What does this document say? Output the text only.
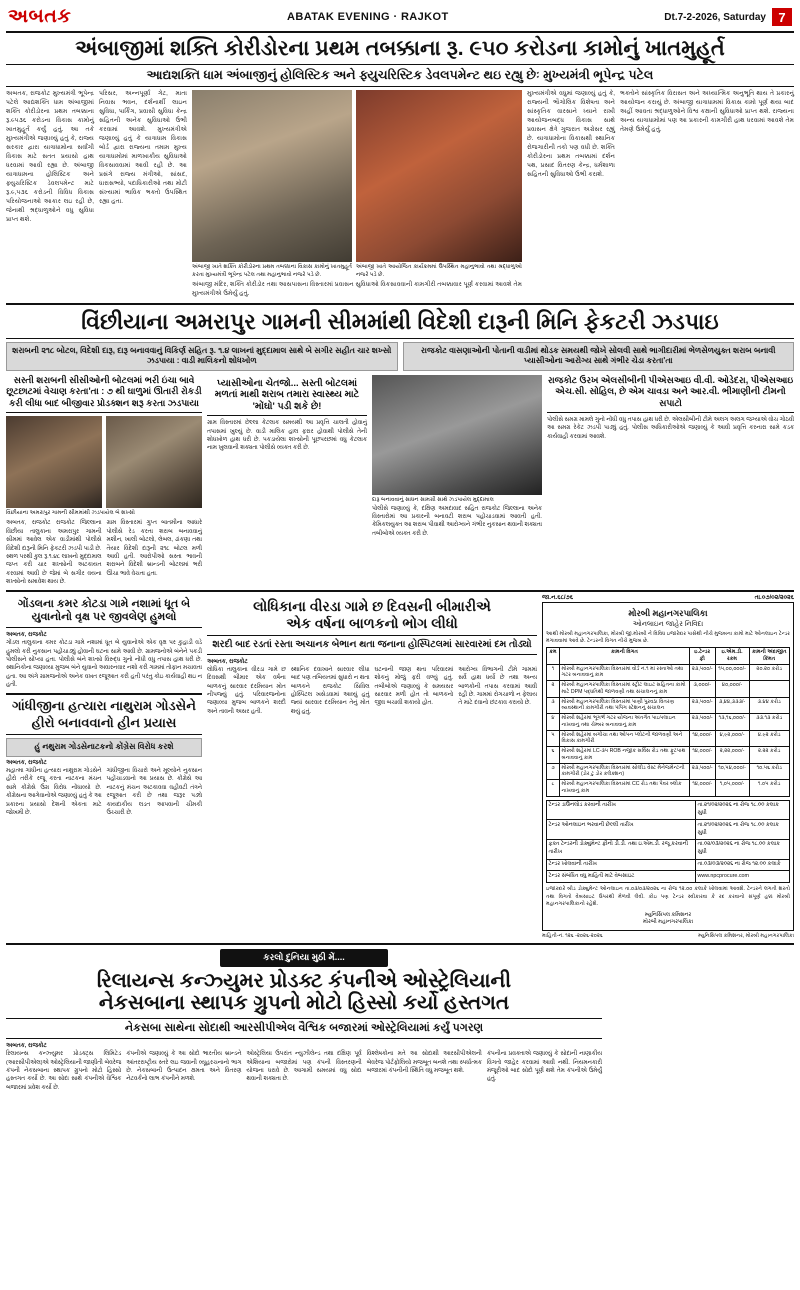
અબતક	ABATAK EVENING · RAJKOT	Dt.7-2-2026, Saturday 7
અંબાજીમાં શક્તિ કોરીડોરના પ્રથમ તબક્કાના રૂ. ૯૫૦ કરોડના કામોનું ખાતમુહૂર્ત
આદ્યશક્તિ ધામ અંબાજીનું હોલિસ્ટિક અને ફ્યુચરિસ્ટિક ડેવલપમેન્ટ થઇ રહ્યુ છેઃ મુખ્યમંત્રી ભૂપેન્દ્ર પટેલ
અબતક, રાજકોટ મુખ્યમંત્રી ભૂપેન્દ્ર પટેલે આદ્યશક્તિ ધામ અંબાજીમાં શક્તિ કોરીડોરના પ્રથમ તબક્કાના રૂ.૯૫૩૬ કરોડના વિકાસ કામોનું ખાતમુહૂર્ત કર્યું હતું. આ તકે મુખ્યમંત્રીએ જણાવ્યું હતું કે, રાજ્ય સરકાર દ્વારા યાત્રાધામોના સર્વાંગી વિકાસ માટે સતત પ્રયાસો હાથ ધરવામાં આવી રહ્યા છે. અંબાજી યાત્રાધામના હોલિસ્ટિક અને ફ્યુચરિસ્ટિક ડેવલપમેન્ટ માટે રૂ.૯,૫૩૬ કરોડની વિવિધ વિકાસ પરિયોજનાઓ આકાર લઇ રહી છે, જેનાથી શ્રદ્ધાળુઓને વધુ સુવિધા પ્રાપ્ત થશે.
પરિસર, અન્નપૂર્ણા ગેટ, માતા નિવાસ ભવન, દર્શનાર્થી લાઇન સુવિધા, પાર્કિંગ, પ્રવાસી સુવિધા કેન્દ્ર સહિતની અનેક સુવિધાઓ ઉભી કરવામાં આવશે. મુખ્યમંત્રીએ જણાવ્યું હતું કે યાત્રાધામ વિકાસ બોર્ડ દ્વારા રાજ્યના તમામ મુખ્ય યાત્રાધામોમાં માળખાકીય સુવિધાઓ વિકસાવવામાં આવી રહી છે. આ પ્રસંગે રાજ્ય મંત્રીઓ, સાંસદ, ધારાસભ્યો, પદાધિકારીઓ તથા મોટી સંખ્યામાં ભાવિક ભક્તો ઉપસ્થિત રહ્યા હતા.
અંબાજી ખાતે શક્તિ કોરીડોરના પ્રથમ તબક્કાના વિકાસ કામોનું ખાતમુહૂર્ત કરતા મુખ્યમંત્રી ભૂપેન્દ્ર પટેલ તથા મહાનુભાવો નજરે પડે છે.
અંબાજી ખાતે આયોજિત કાર્યક્રમમાં ઉપસ્થિત મહાનુભાવો તથા શ્રદ્ધાળુઓ નજરે પડે છે.
અંબાજી મંદિર, શક્તિ કોરીડોર તથા આસપાસના વિસ્તારમાં પ્રવાસન સુવિધાઓ વિકસાવવાની કામગીરી તબક્કાવાર પૂર્ણ કરવામાં આવશે તેમ મુખ્યમંત્રીએ ઉમેર્યું હતું.
મુખ્યમંત્રીએ વધુમાં જણાવ્યું હતું કે, રાજ્યની ભૌગોલિક વિશેષતા અને સાંસ્કૃતિક વારસાને ધ્યાને રાખી આયોજનબદ્ધ વિકાસ સાથે પ્રવાસન ક્ષેત્રે ગુજરાત અગ્રેસર રહ્યું છે. યાત્રાધામોના વિકાસથી સ્થાનિક રોજગારીની તકો પણ વધી છે. શક્તિ કોરીડોરના પ્રથમ તબક્કામાં દર્શન પથ, પ્રસાદ વિતરણ કેન્દ્ર, ધર્મશાળા સહિતની સુવિધાઓ ઉભી કરાશે.
ભક્તોને સાંસ્કૃતિક વિરાસત અને અધ્યાત્મિક અનુભૂતિ થાય તે પ્રકારનું આયોજન કરાયું છે. અંબાજી યાત્રાધામમાં વિકાસ કામો પૂર્ણ થયા બાદ અહીં આવતા શ્રદ્ધાળુઓને વિશ્વ કક્ષાની સુવિધાઓ પ્રાપ્ત થશે. રાજ્યના અન્ય યાત્રાધામોમાં પણ આ પ્રકારની કામગીરી હાથ ધરવામાં આવશે તેમ તેમણે ઉમેર્યું હતું.
વિંછીયાના અમરાપુર ગામની સીમમાંથી વિદેશી દારૂની મિનિ ફેકટરી ઝડપાઇ
શરાબની ૨૧૮ બોટલ, વિદેશી દારૂ, દારૂ બનાવવાનું વિકિર્ણ સહિત રૂ. ૧.૪ લાખનાં મુદ્દામાલ સાથે બે સગીર સહીત ચાર શખ્સો ઝડપાયા : વાડી માલિકનો શોધખોળ
રાજકોટ વાસણાઓની પોતાની વાડીમાં થોડક સમયથી જોખે સોલવી સાથે ભાગીદારીમાં ભેળસેળયુક્ત શરાબ બનાવી પ્યાસીઓના આરોગ્ય સાથે ગંભીર ચેડા કરતા'તા
સસ્તી શરાબની સીસીઓની બોટલમાં ભરી ઇંચા બાવે છૂટછાટમાં વેચાણ કરતા'તા : ૭ થી ઘાળુમાં ઊતારી રોકડી કરી લીધા બાદ બીજીવાર પ્રોડક્શન શરૂ કરતા ઝડપાયા
વિંછીયાના અમરાપુર ગામની સીમમાંથી ઝડપાયેલ બે શખ્સો
અબતક, રાજકોટ રાજકોટ જિલ્લાના વિંછીયા તાલુકાના અમરાપુર ગામની સીમમાં આવેલ એક વાડીમાંથી પોલીસે વિદેશી દારૂની મિનિ ફેકટરી ઝડપી પાડી છે. સ્થળ પરથી કુલ રૂ.૧.૪૮ લાખનો મુદ્દામાલ જપ્ત કરી ચાર શખ્સોની અટકાયત કરવામાં આવી છે જેમાં બે સગીર વયના શખ્સોનો સમાવેશ થાય છે.
ગ્રામ વિસ્તારમાં ગુપ્ત બાતમીના આધારે પોલીસે રેડ કરતા શરાબ બનાવવાનું મશીન, ખાલી બોટલો, લેબલ, ઢાંકણા તથા તૈયાર વિદેશી દારૂની ૨૧૮ બોટલ મળી આવી હતી. આરોપીઓ સસ્તા ભાવની શરાબને વિદેશી બ્રાન્ડની બોટલમાં ભરી ઊંચા ભાવે વેચતા હતા.
પ્યાસીઓના ચેતજો... સસ્તી બોટલમાં મળતાં માથી શરાબ તમારા સ્વાસ્થ્ય માટે 'મોંઘો' પડી શકે છે!
ગ્રામ વિસ્તારમાં છેલ્લા કેટલાક સમયથી આ પ્રવૃત્તિ ચાલતી હોવાનું તપાસમાં ખુલ્યું છે. વાડી માલિક હાલ ફરાર હોવાથી પોલીસે તેની શોધખોળ હાથ ધરી છે. પકડાયેલા શખ્સોની પૂછપરછમાં વધુ કેટલાક નામ ખુલવાની શક્યતા પોલીસે વ્યક્ત કરી છે.
દારૂ બનાવવાનું સાધન સામગ્રી સાથે ઝડપાયેલ મુદ્દામાલ
પોલીસે જણાવ્યું કે, દક્ષિણ અમદાવાદ સહિત રાજકોટ જિલ્લાના અનેક વિસ્તારોમાં આ પ્રકારની બનાવટી શરાબ પહોંચાડવામાં આવતી હતી. કેમિકલયુક્ત આ શરાબ પીવાથી આરોગ્યને ગંભીર નુકસાન થવાની શક્યતા તબીબોએ વ્યક્ત કરી છે.
રાજકોટ ઉરખ એલસીબીની પીએસઆઇ વી.વી. ઓડેદરા, પીએસઆઇ એચ.સી. સોહિલ, છે એમ ચાવડા અને આર.વી. ભીમાણીની ટીમનો સપાટો
પોલીસે સમગ્ર મામલે ગુનો નોંધી વધુ તપાસ હાથ ધરી છે. એલસીબીની ટીમે અલગ અલગ જગ્યાએ વોચ ગોઠવી આ સમગ્ર રેકેટ ઝડપી પાડ્યું હતું. પોલીસ અધિકારીઓએ જણાવ્યું કે આવી પ્રવૃત્તિ કરનારા સામે કડક કાર્યવાહી કરવામાં આવશે.
ગોંડલના કમર કોટડા ગામે નશામાં ધૂત બે યુવાનોનો વૃક્ષ પર જીવલેણ હુમલો
અબતક, રાજકોટ
ગોંડલ તાલુકાના કમર કોટડા ગામે નશામાં ધૂત બે યુવાનોએ એક વૃક્ષ પર કુહાડી વડે હુમલો કરી નુકસાન પહોંચાડ્યું હોવાની ઘટના સામે આવી છે. ગ્રામજનોએ બંનેને પકડી પોલીસને સોંપ્યા હતા. પોલીસે બંને શખ્સો વિરુદ્ધ ગુનો નોંધી વધુ તપાસ હાથ ધરી છે. સ્થાનિકોના જણાવ્યા મુજબ બંને યુવાનો અવારનવાર નશો કરી ગામમાં તોફાન મચાવતા હતા. આ અંગે ગ્રામજનોએ અનેક વખત રજૂઆત કરી હતી પરંતુ કોઇ કાર્યવાહી થઇ ન હતી.
ગાંધીજીના હત્યારા નાથુરામ ગોડસેને
હીરો બનાવવાનો હીન પ્રયાસ
હું નથુરામ ગોડસેનાટકનો કોંગ્રેસ વિરોધ કરશે
અબતક, રાજકોટ
મહાત્મા ગાંધીના હત્યારા નાથુરામ ગોડસેને હીરો તરીકે રજૂ કરતા નાટકના મંચન સામે કોંગ્રેસે ઉગ્ર વિરોધ નોંધાવ્યો છે. કોંગ્રેસના આગેવાનોએ જણાવ્યું હતું કે આ પ્રકારના પ્રયાસો દેશની એકતા માટે જોખમી છે.
ગાંધીજીના વિચારો અને મૂલ્યોને નુકસાન પહોંચાડવાનો આ પ્રયાસ છે. કોંગ્રેસે આ નાટકનું મંચન અટકાવવા વહીવટી તંત્રને રજૂઆત કરી છે તથા જરૂર પડ્યે કાયદાકીય લડત આપવાની ચીમકી ઉચ્ચારી છે.
લોધિકાના વીરડા ગામે છ દિવસની બીમારીએ
એક વર્ષના બાળકનો ભોગ લીધો
શરદી બાદ રડતાં રસ્તા અચાનક બેભાન થતા જનાના હોસ્પિટલમાં સારવારમાં દમ તોડ્યો
અબતક, રાજકોટ
લોધિકા તાલુકાના વીરડા ગામે છ દિવસથી બીમાર એક વર્ષના બાળકનું સારવાર દરમિયાન મોત નીપજ્યું હતું. પરિવારજનોના જણાવ્યા મુજબ બાળકને શરદી અને તાવની અસર હતી.
સ્થાનિક દવાખાને સારવાર લીધા બાદ પણ તબિયતમાં સુધારો ન થતા બાળકને રાજકોટ સિવિલ હોસ્પિટલ ખસેડવામાં આવ્યું હતું જ્યાં સારવાર દરમિયાન તેનું મોત થયું હતું.
ઘટનાની જાણ થતા પરિવારમાં શોકનું મોજું ફરી વળ્યું હતું. તબીબોએ જણાવ્યું કે સમયસર સારવાર મળી હોત તો બાળકનો જીવ બચાવી શકાયો હોત.
આરોગ્ય વિભાગની ટીમે ગામમાં સર્વે હાથ ધર્યો છે તથા અન્ય બાળકોની તપાસ કરવામાં આવી રહી છે. ગામમાં રોગચાળો ન ફેલાય તે માટે દવાનો છંટકાવ કરાયો છે.
જા.ન.૬૮/૭૬	તા.૦૭/૦૨/૨૦૨૬
મોરબી મહાનગરપાલિકા
ઓનલાઇન જાહેર નિવિદા
આથી મોરબી મહાનગરપાલિકા, મોરબી જી.મોરબી ને વિવિધ ઇજારેદાર પાસેથી નીચે મુજબના કામો માટે ઓનલાઇન ટેન્ડર મંગાવવામાં આવે છે. ટેન્ડરની વિગત નીચે મુજબ છે.
ક્રમ	કામની વિગત	ઇ.ટેન્ડર ફી	ઇ.એમ.ડી. રકમ	કામની અંદાજીત કિંમત
૧	મોરબી મહાનગરપાલિકા વિસ્તારમાં વોર્ડ નં.૧ માં રસ્તાઓ તથા ગટર બનાવવાનું કામ	૨૩,૫૦૦/-	૧૫,૦૦,૦૦૦/-	૨૦.૨૦ કરોડ
૨	મોરબી મહાનગરપાલિકા વિસ્તારમાં સ્ટ્રીટ લાઇટ સહિતના કામો માટે DPM પદ્ધતિથી જાળવણી તથા સંચાલનનું કામ	૩,૦૦૦/-	૪૦,૦૦૦/-	
૩	મોરબી મહાનગરપાલિકા વિસ્તારમાં પાણી પુરવઠા વિતરણ વ્યવસ્થાની કામગીરી તથા પંપિંગ સ્ટેશનનું સંચાલન	૨૩,૫૦૦/-	૩,૪૪,૩૩૩/-	૩.૪૪ કરોડ
૪	મોરબી શહેરમાં ભૂગર્ભ ગટર યોજના અંતર્ગત પાઇપલાઇન નાખવાનું તથા ચેમ્બર બનાવવાનું કામ	૨૩,૫૦૦/-	૧૩,૧૬,૦૦૦/-	૩૩.૧૩ કરોડ
૫	મોરબી શહેરમાં બગીચા તથા ઓપન પ્લોટની જાળવણી અને વિકાસ કામગીરી	૧૪,૦૦૦/-	૪,૯૨,૦૦૦/-	૪.૯૨ કરોડ
૬	મોરબી શહેરમાં LC-૩૫ ROB નજીક સર્વિસ રોડ તથા ફૂટપાથ બનાવવાનું કામ	૧૪,૦૦૦/-	૨,૨૨,૦૦૦/-	૨.૨૨ કરોડ
૭	મોરબી મહાનગરપાલિકા વિસ્તારમાં સોલીડ વેસ્ટ મેનેજમેન્ટની કામગીરી (ડોર ટુ ડોર કલેક્શન)	૨૩,૫૦૦/-	૧૦,૫૪,૦૦૦/-	૧૦.૫૬ કરોડ
૮	મોરબી મહાનગરપાલિકા વિસ્તારમાં CC રોડ તથા પેવર બ્લોક નાખવાનું કામ	૧૪,૦૦૦/-	૧,૦૫,૦૦૦/-	૧.૦૫ કરોડ
ટેન્ડર ડાઉનલોડ કરવાની તારીખ	તા.૨૧/૦૨/૨૦૨૬ ના રોજ ૧૮.૦૦ કલાક સુધી
ટેન્ડર ઓનલાઇન ભરવાની છેલ્લી તારીખ	તા.૨૧/૦૨/૨૦૨૬ ના રોજ ૧૮.૦૦ કલાક સુધી
ફક્ત ટેન્ડરની ડોક્યુમેન્ટ ફીનો ડી.ડી. તથા ઇ.એમ.ડી. રજૂ કરવાની તારીખ	તા.૦૨/૦૩/૨૦૨૬ ના રોજ ૧૮.૦૦ કલાક સુધી
ટેન્ડર ખોલવાની તારીખ	તા.૦૩/૦૩/૨૦૨૬ ના રોજ ૧૨.૦૦ કલાકે
ટેન્ડર સંબંધિત વધુ માહિતી માટે વેબસાઇટ	www.npcprocure.com
ઇજારદારે બીડ ડોક્યુમેન્ટ ઓનલાઇન તા.૦૩/૦૩/૨૦૨૬ ના રોજ ૧૨.૦૦ કલાકે ખોલવામાં આવશે. ટેન્ડરને લગતી શરતો તથા વિગતો વેબસાઇટ ઉપરથી મેળવી લેવી. કોઇ પણ ટેન્ડર સ્વીકારવા કે રદ કરવાનો સંપૂર્ણ હક્ક મોરબી મહાનગરપાલિકાનો રહેશે.
મ્યુનિસિપલ કમિશનર
મોરબી મહાનગરપાલિકા
માહિતી-નં. ૧૨૬ -૨૦૨૬-૨૦૨૬	મ્યુનિસિપલ કમિશનર, મોરબી મહાનગરપાલિકા
કરલો દુનિયા મુઠી મેં....
રિલાયન્સ કન્ઝ્યુમર પ્રોડક્ટ કંપનીએ ઓસ્ટ્રેલિયાની
નેકસબાના સ્થાપક ગ્રુપનો મોટો હિસ્સો કર્યો હસ્તગત
નેકસબા સાથેના સોદાથી આરસીપીએલ વૈશ્વિક બજારમાં ઓસ્ટ્રેલિયામાં કર્યું પગરણ
અબતક, રાજકોટ
રિલાયન્સ કન્ઝ્યુમર પ્રોડક્ટ્સ લિમિટેડ (આરસીપીએલ)એ ઓસ્ટ્રેલિયાની જાણીતી બેવરેજ કંપની નેકસબાના સ્થાપક ગ્રુપનો મોટો હિસ્સો હસ્તગત કર્યો છે. આ સોદા સાથે કંપનીએ વૈશ્વિક બજારમાં પ્રવેશ કર્યો છે.
કંપનીએ જણાવ્યું કે આ સોદો ભારતીય બ્રાન્ડને આંતરરાષ્ટ્રીય સ્તરે લઇ જવાની વ્યૂહરચનાનો ભાગ છે. નેકસબાની ઉત્પાદન ક્ષમતા અને વિતરણ નેટવર્કનો લાભ કંપનીને મળશે.
ઓસ્ટ્રેલિયા ઉપરાંત ન્યુઝીલેન્ડ તથા દક્ષિણ પૂર્વ એશિયાના બજારોમાં પણ કંપની વિસ્તરણની યોજના ધરાવે છે. આગામી સમયમાં વધુ સોદા થવાની શક્યતા છે.
વિશ્લેષકોના મતે આ સોદાથી આરસીપીએલની બેવરેજ પોર્ટફોલિયો મજબૂત બનશે તથા સ્પર્ધાત્મક બજારમાં કંપનીની સ્થિતિ વધુ મજબૂત થશે.
કંપનીના પ્રવક્તાએ જણાવ્યું કે સોદાની નાણાકીય વિગતો જાહેર કરવામાં આવી નથી. નિયમનકારી મંજૂરીઓ બાદ સોદો પૂર્ણ થશે તેમ કંપનીએ ઉમેર્યું હતું.
